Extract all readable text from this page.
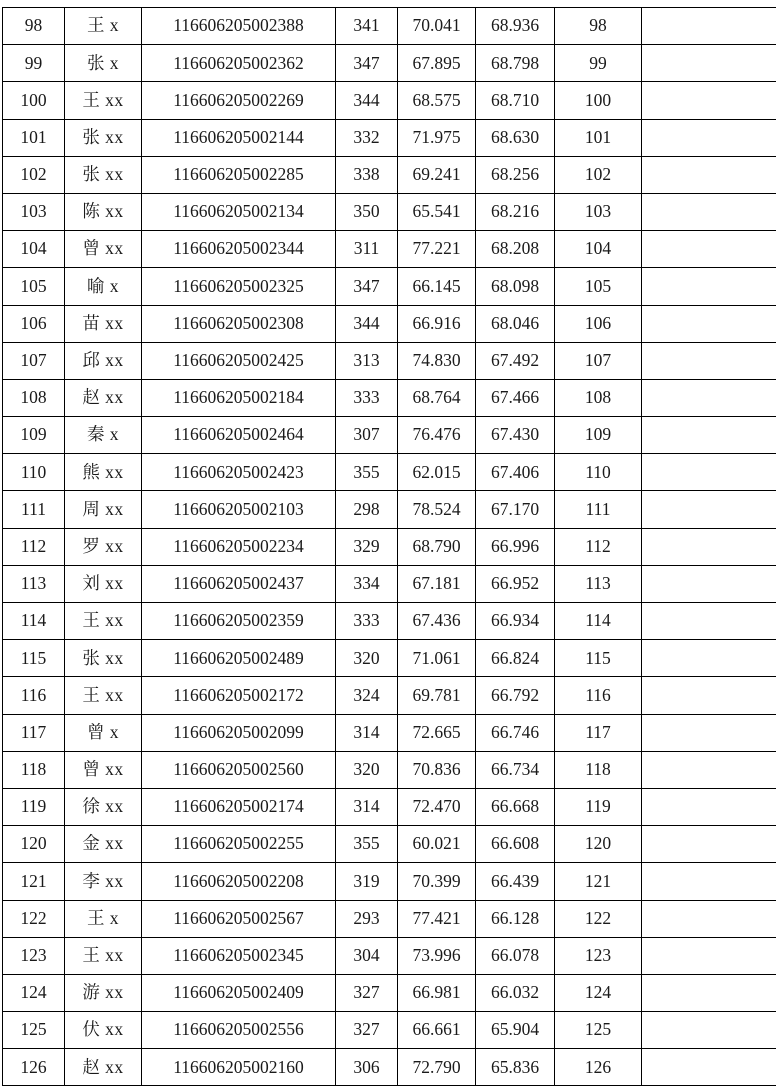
98	王 x	116606205002388	341	70.041	68.936	98	
99	张 x	116606205002362	347	67.895	68.798	99	
100	王 xx	116606205002269	344	68.575	68.710	100	
101	张 xx	116606205002144	332	71.975	68.630	101	
102	张 xx	116606205002285	338	69.241	68.256	102	
103	陈 xx	116606205002134	350	65.541	68.216	103	
104	曾 xx	116606205002344	311	77.221	68.208	104	
105	喻 x	116606205002325	347	66.145	68.098	105	
106	苗 xx	116606205002308	344	66.916	68.046	106	
107	邱 xx	116606205002425	313	74.830	67.492	107	
108	赵 xx	116606205002184	333	68.764	67.466	108	
109	秦 x	116606205002464	307	76.476	67.430	109	
110	熊 xx	116606205002423	355	62.015	67.406	110	
111	周 xx	116606205002103	298	78.524	67.170	111	
112	罗 xx	116606205002234	329	68.790	66.996	112	
113	刘 xx	116606205002437	334	67.181	66.952	113	
114	王 xx	116606205002359	333	67.436	66.934	114	
115	张 xx	116606205002489	320	71.061	66.824	115	
116	王 xx	116606205002172	324	69.781	66.792	116	
117	曾 x	116606205002099	314	72.665	66.746	117	
118	曾 xx	116606205002560	320	70.836	66.734	118	
119	徐 xx	116606205002174	314	72.470	66.668	119	
120	金 xx	116606205002255	355	60.021	66.608	120	
121	李 xx	116606205002208	319	70.399	66.439	121	
122	王 x	116606205002567	293	77.421	66.128	122	
123	王 xx	116606205002345	304	73.996	66.078	123	
124	游 xx	116606205002409	327	66.981	66.032	124	
125	伏 xx	116606205002556	327	66.661	65.904	125	
126	赵 xx	116606205002160	306	72.790	65.836	126	
